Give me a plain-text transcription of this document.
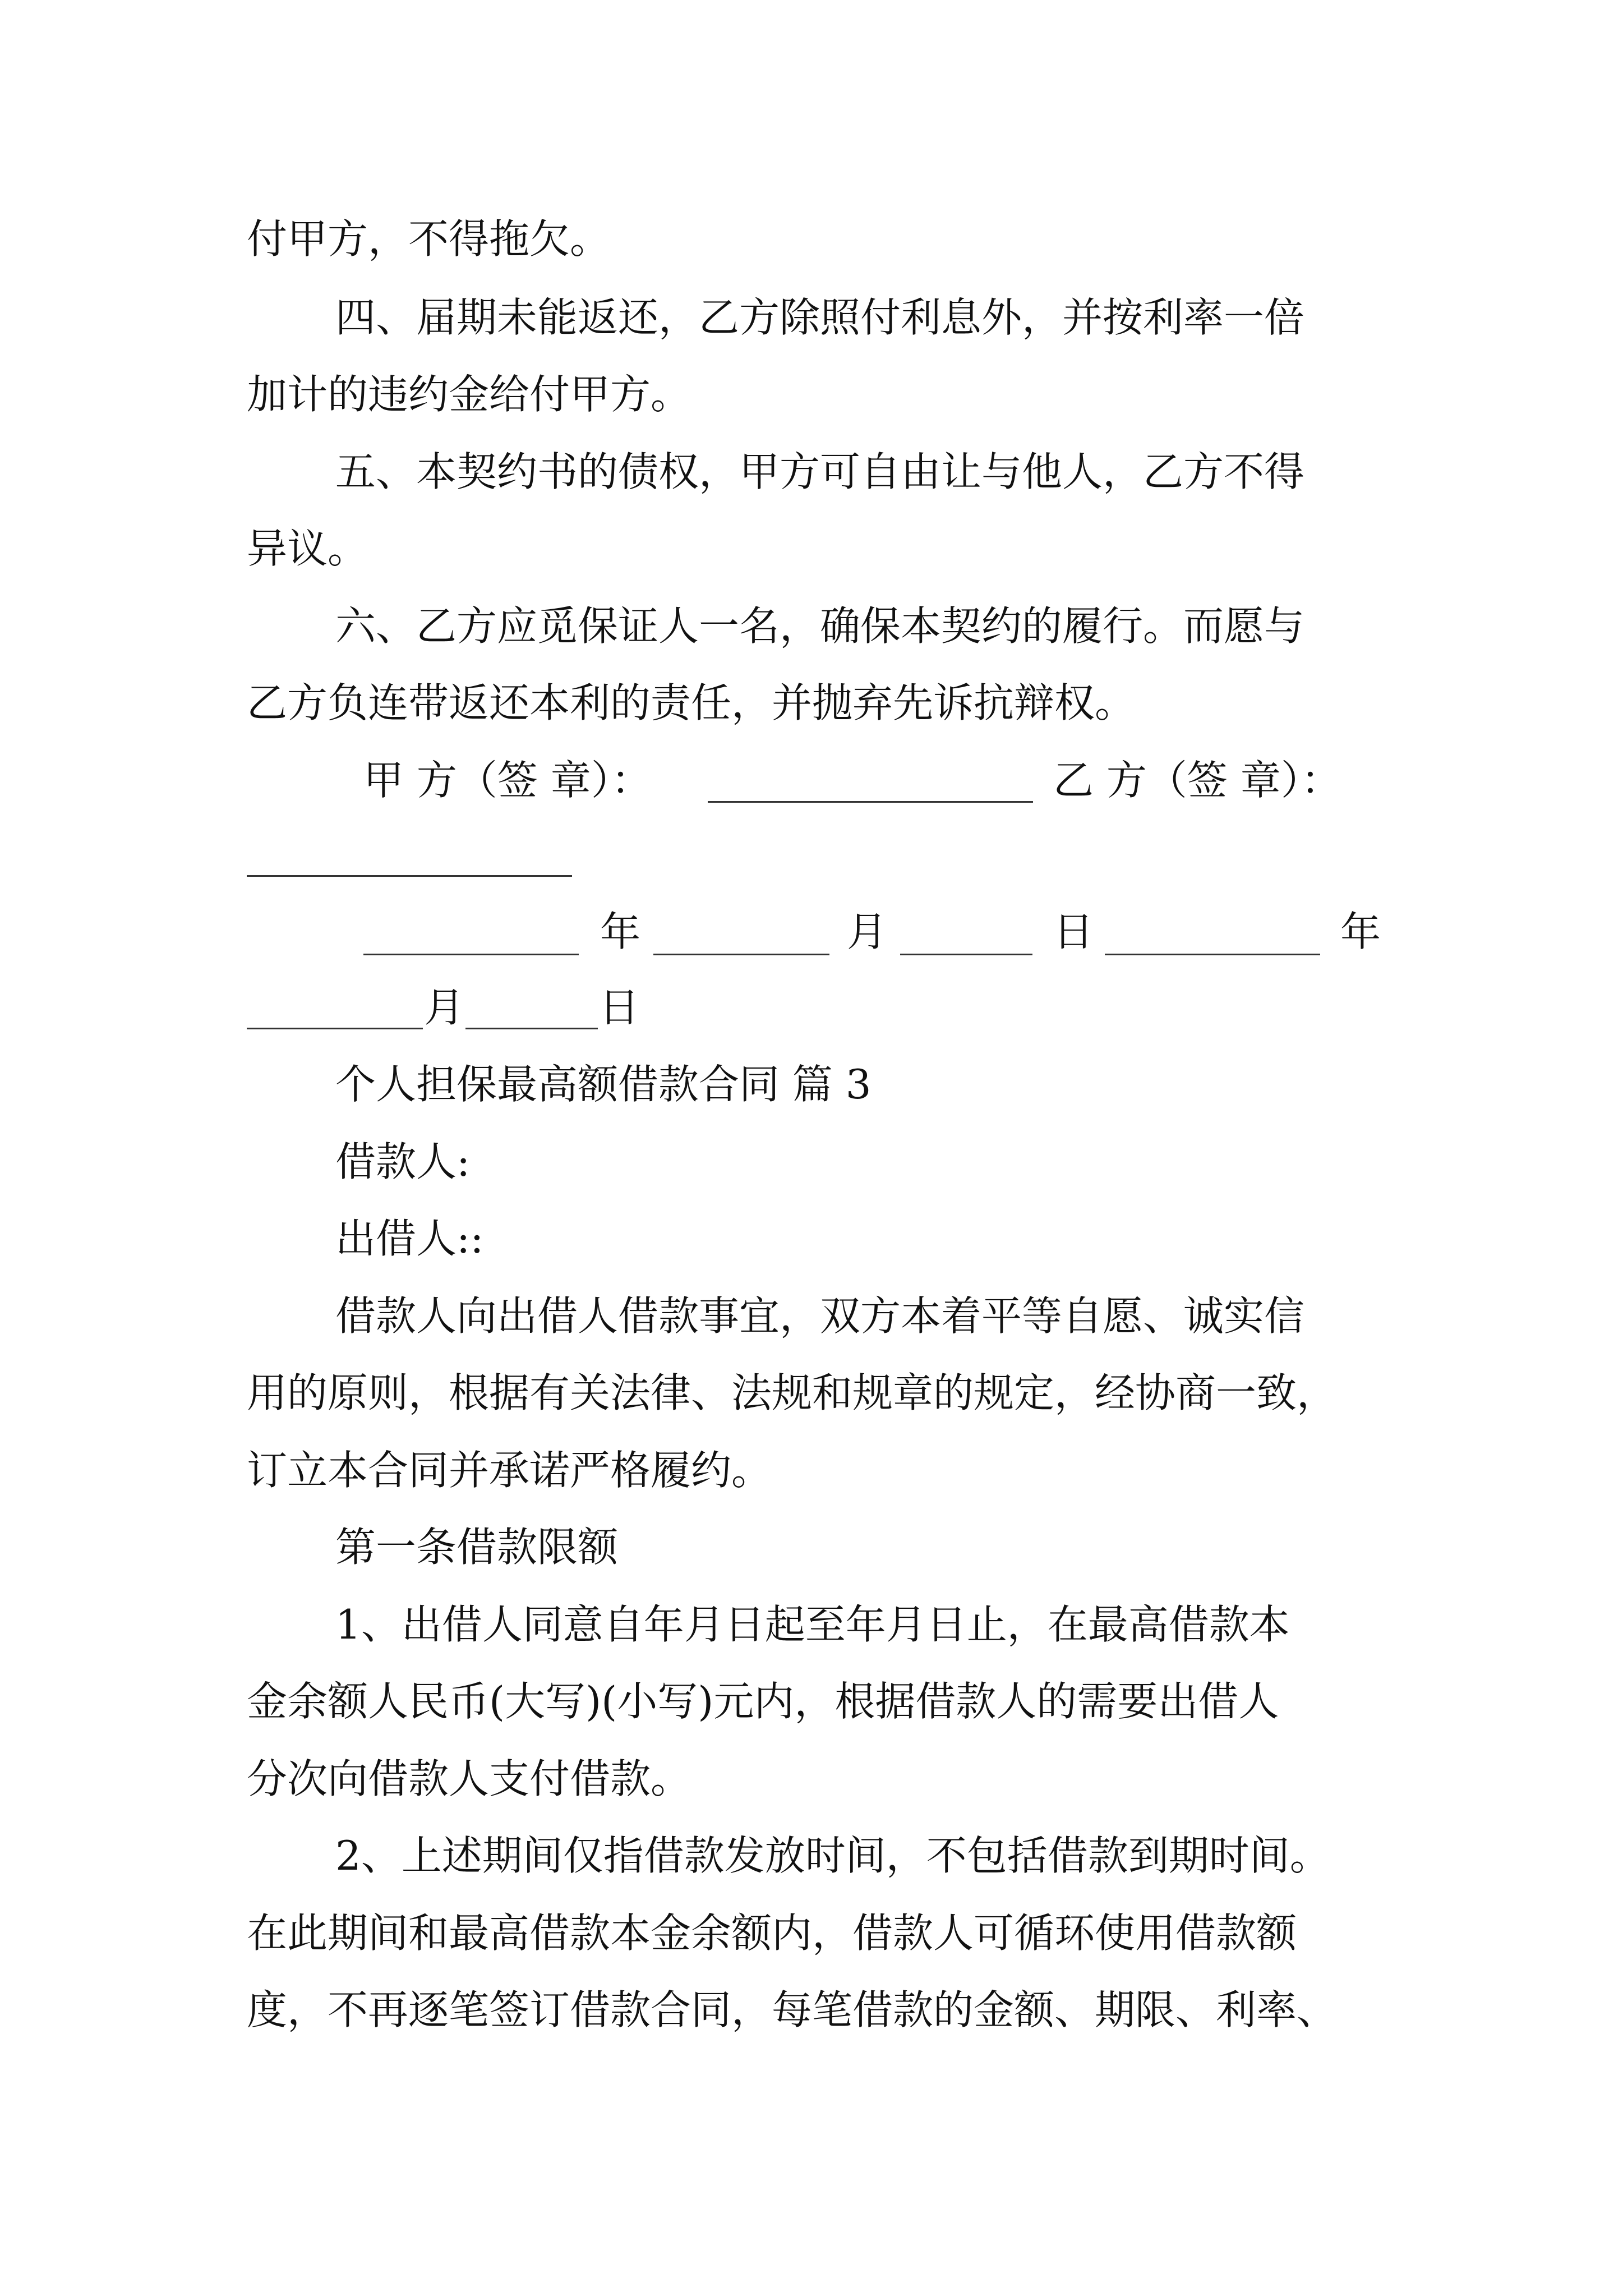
付甲方，不得拖欠。
四、届期未能返还，乙方除照付利息外，并按利率一倍
加计的违约金给付甲方。
五、本契约书的债权，甲方可自由让与他人，乙方不得
异议。
六、乙方应觅保证人一名，确保本契约的履行。而愿与
乙方负连带返还本利的责任，并抛弃先诉抗辩权。
甲 方（签 章）：	乙 方（签 章）：
年	月	日	年
月	日
个人担保最高额借款合同 篇 3
借款人:
出借人::
借款人向出借人借款事宜，双方本着平等自愿、诚实信
用的原则，根据有关法律、法规和规章的规定，经协商一致，
订立本合同并承诺严格履约。
第一条借款限额
1、出借人同意自年月日起至年月日止，在最高借款本
金余额人民币(大写)(小写)元内，根据借款人的需要出借人
分次向借款人支付借款。
2、上述期间仅指借款发放时间，不包括借款到期时间。
在此期间和最高借款本金余额内，借款人可循环使用借款额
度，不再逐笔签订借款合同，每笔借款的金额、期限、利率、
